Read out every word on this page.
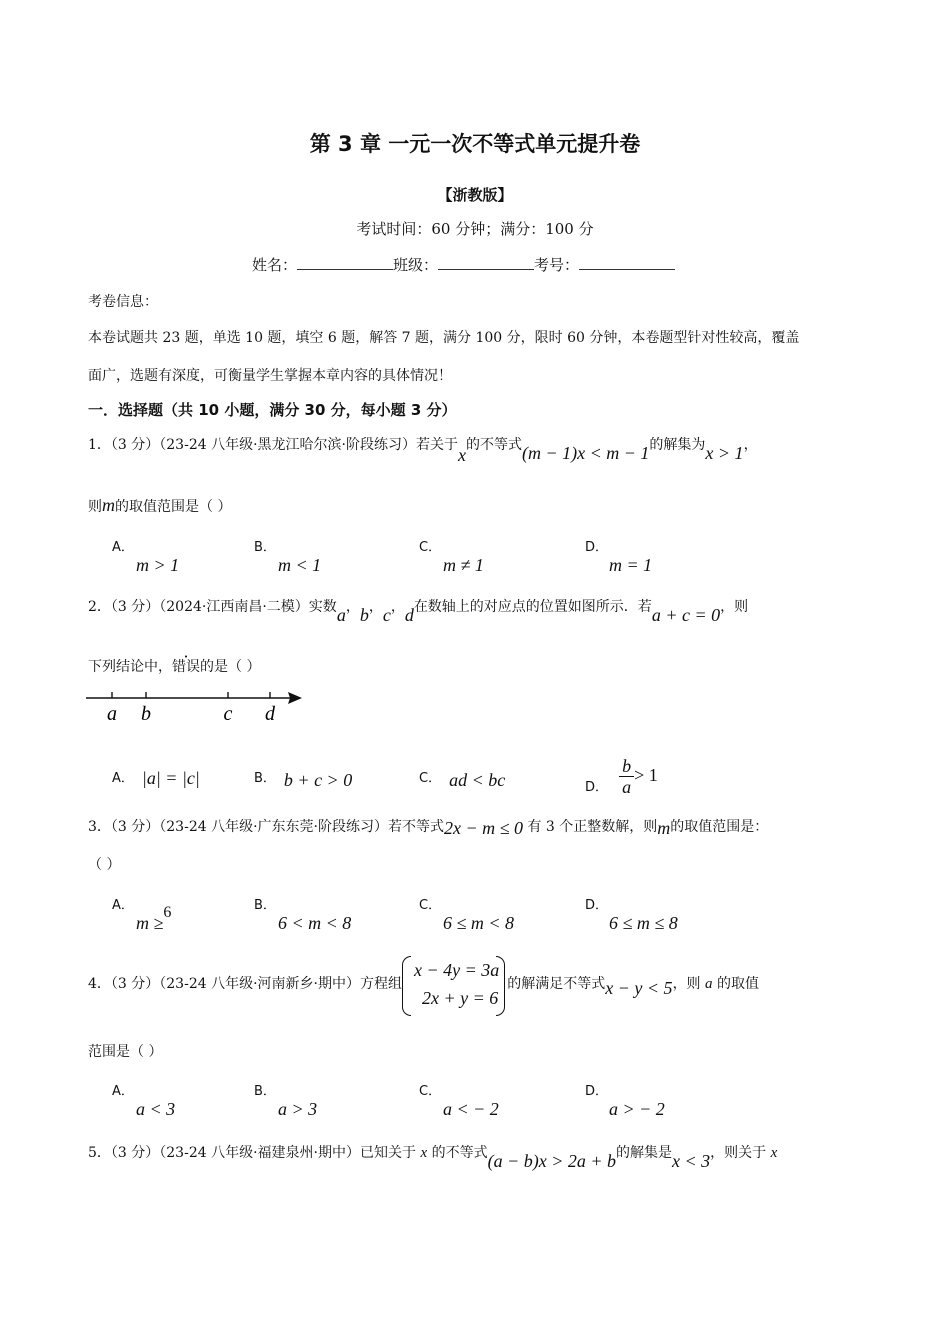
第 3 章 一元一次不等式单元提升卷
【浙教版】
考试时间：60 分钟；满分：100 分
姓名：	班级：	考号：
考卷信息：
本卷试题共 23 题，单选 10 题，填空 6 题，解答 7 题，满分 100 分，限时 60 分钟，本卷题型针对性较高，覆盖
面广，选题有深度，可衡量学生掌握本章内容的具体情况！
一．选择题（共 10 小题，满分 30 分，每小题 3 分）
1．（3 分）（23-24 八年级·黑龙江哈尔滨·阶段练习）若关于x的不等式(m − 1)x < m − 1的解集为x > 1，
则m的取值范围是（ ）
A．
m > 1
B．
m < 1
C．
m ≠ 1
D．
m = 1
2．（3 分）（2024·江西南昌·二模）实数a，b，c，d在数轴上的对应点的位置如图所示．若a + c = 0，则
下列结论中，错误的是（ ）
a b	c d
A． |a| = |c|	B． b + c > 0	C． ad < bc	$_{D.} \frac{b}{a} > 1$
3．（3 分）（23-24 八年级·广东东莞·阶段练习）若不等式2x − m ≤ 0 有 3 个正整数解，则m的取值范围是：
（ ）
A．
m ≥6	B．
6 < m < 8
C．
6 ≤ m < 8
D．
6 ≤ m ≤ 8
4．（3 分）（23-24 八年级·河南新乡·期中）方程组
x − 4y = 3a
2x + y = 6
的解满足不等式x − y < 5，则 a 的取值
范围是（ ）
A．
a < 3
B．
a > 3
C．
a < − 2
D．
a > − 2
5．（3 分）（23-24 八年级·福建泉州·期中）已知关于 x 的不等式(a − b)x > 2a + b的解集是x < 3，则关于 x
